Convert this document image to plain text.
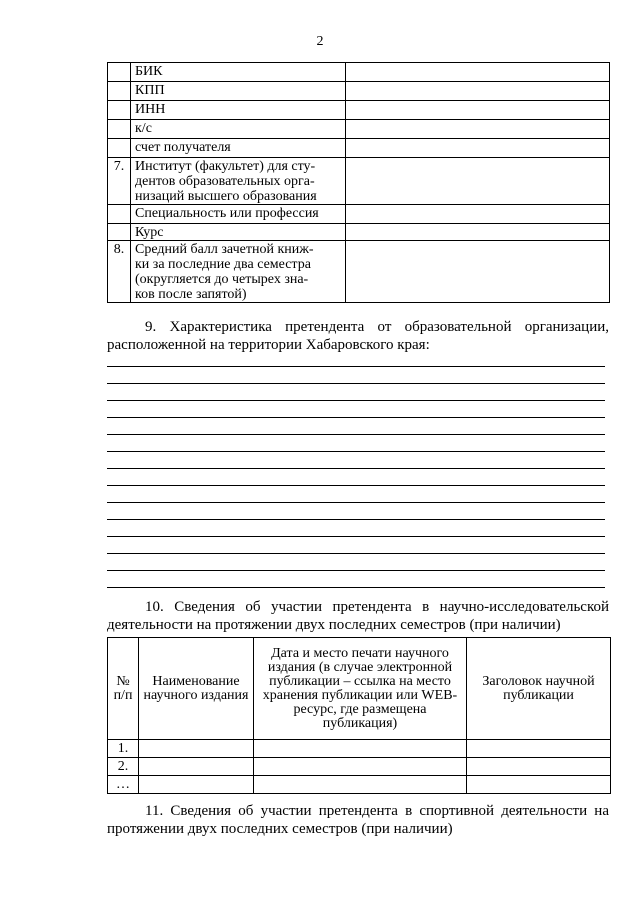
2
	БИК	
	КПП	
	ИНН	
	к/с	
	счет получателя	
7.	Институт (факультет) для сту-
дентов образовательных орга-
низаций высшего образования	

	Специальность или профессия	
	Курс	
8.	Средний балл зачетной книж-
ки за последние два семестра
(округляется до четырех зна-
ков после запятой)	

9. Характеристика претендента от образовательной организации, расположенной на территории Хабаровского края:
10. Сведения об участии претендента в научно-исследовательской деятельности на протяжении двух последних семестров (при наличии)
№ п/п	Наименование научного издания	Дата и место печати научного издания (в случае электронной публикации – ссылка на место хранения публикации или WEB-ресурс, где размещена публикация)	Заголовок научной публикации
1.			
2.			
…			
11. Сведения об участии претендента в спортивной деятельности на протяжении двух последних семестров (при наличии)
